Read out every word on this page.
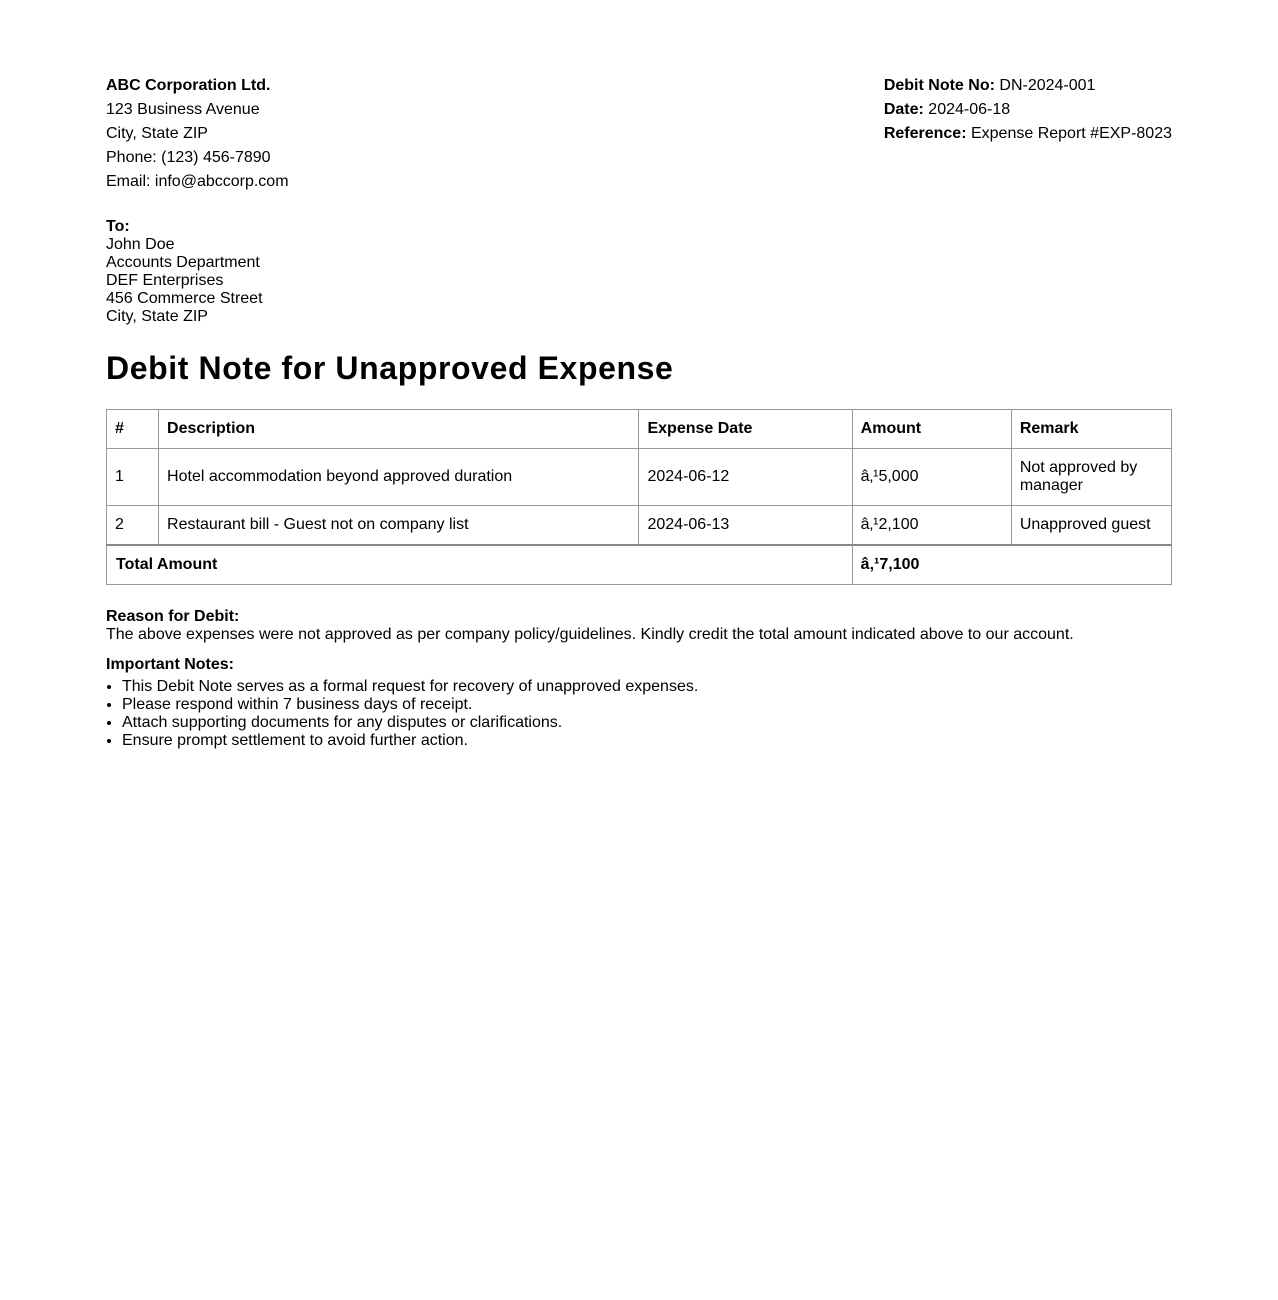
ABC Corporation Ltd.
123 Business Avenue
City, State ZIP
Phone: (123) 456-7890
Email: info@abccorp.com
Debit Note No: DN-2024-001
Date: 2024-06-18
Reference: Expense Report #EXP-8023
To:
John Doe
Accounts Department
DEF Enterprises
456 Commerce Street
City, State ZIP
Debit Note for Unapproved Expense
#	Description	Expense Date	Amount	Remark
1	Hotel accommodation beyond approved duration	2024-06-12	â‚¹5,000	Not approved by manager
2	Restaurant bill - Guest not on company list	2024-06-13	â‚¹2,100	Unapproved guest
Total Amount			â‚¹7,100	
Reason for Debit:
The above expenses were not approved as per company policy/guidelines. Kindly credit the total amount indicated above to our account.
Important Notes:
• This Debit Note serves as a formal request for recovery of unapproved expenses.
• Please respond within 7 business days of receipt.
• Attach supporting documents for any disputes or clarifications.
• Ensure prompt settlement to avoid further action.
